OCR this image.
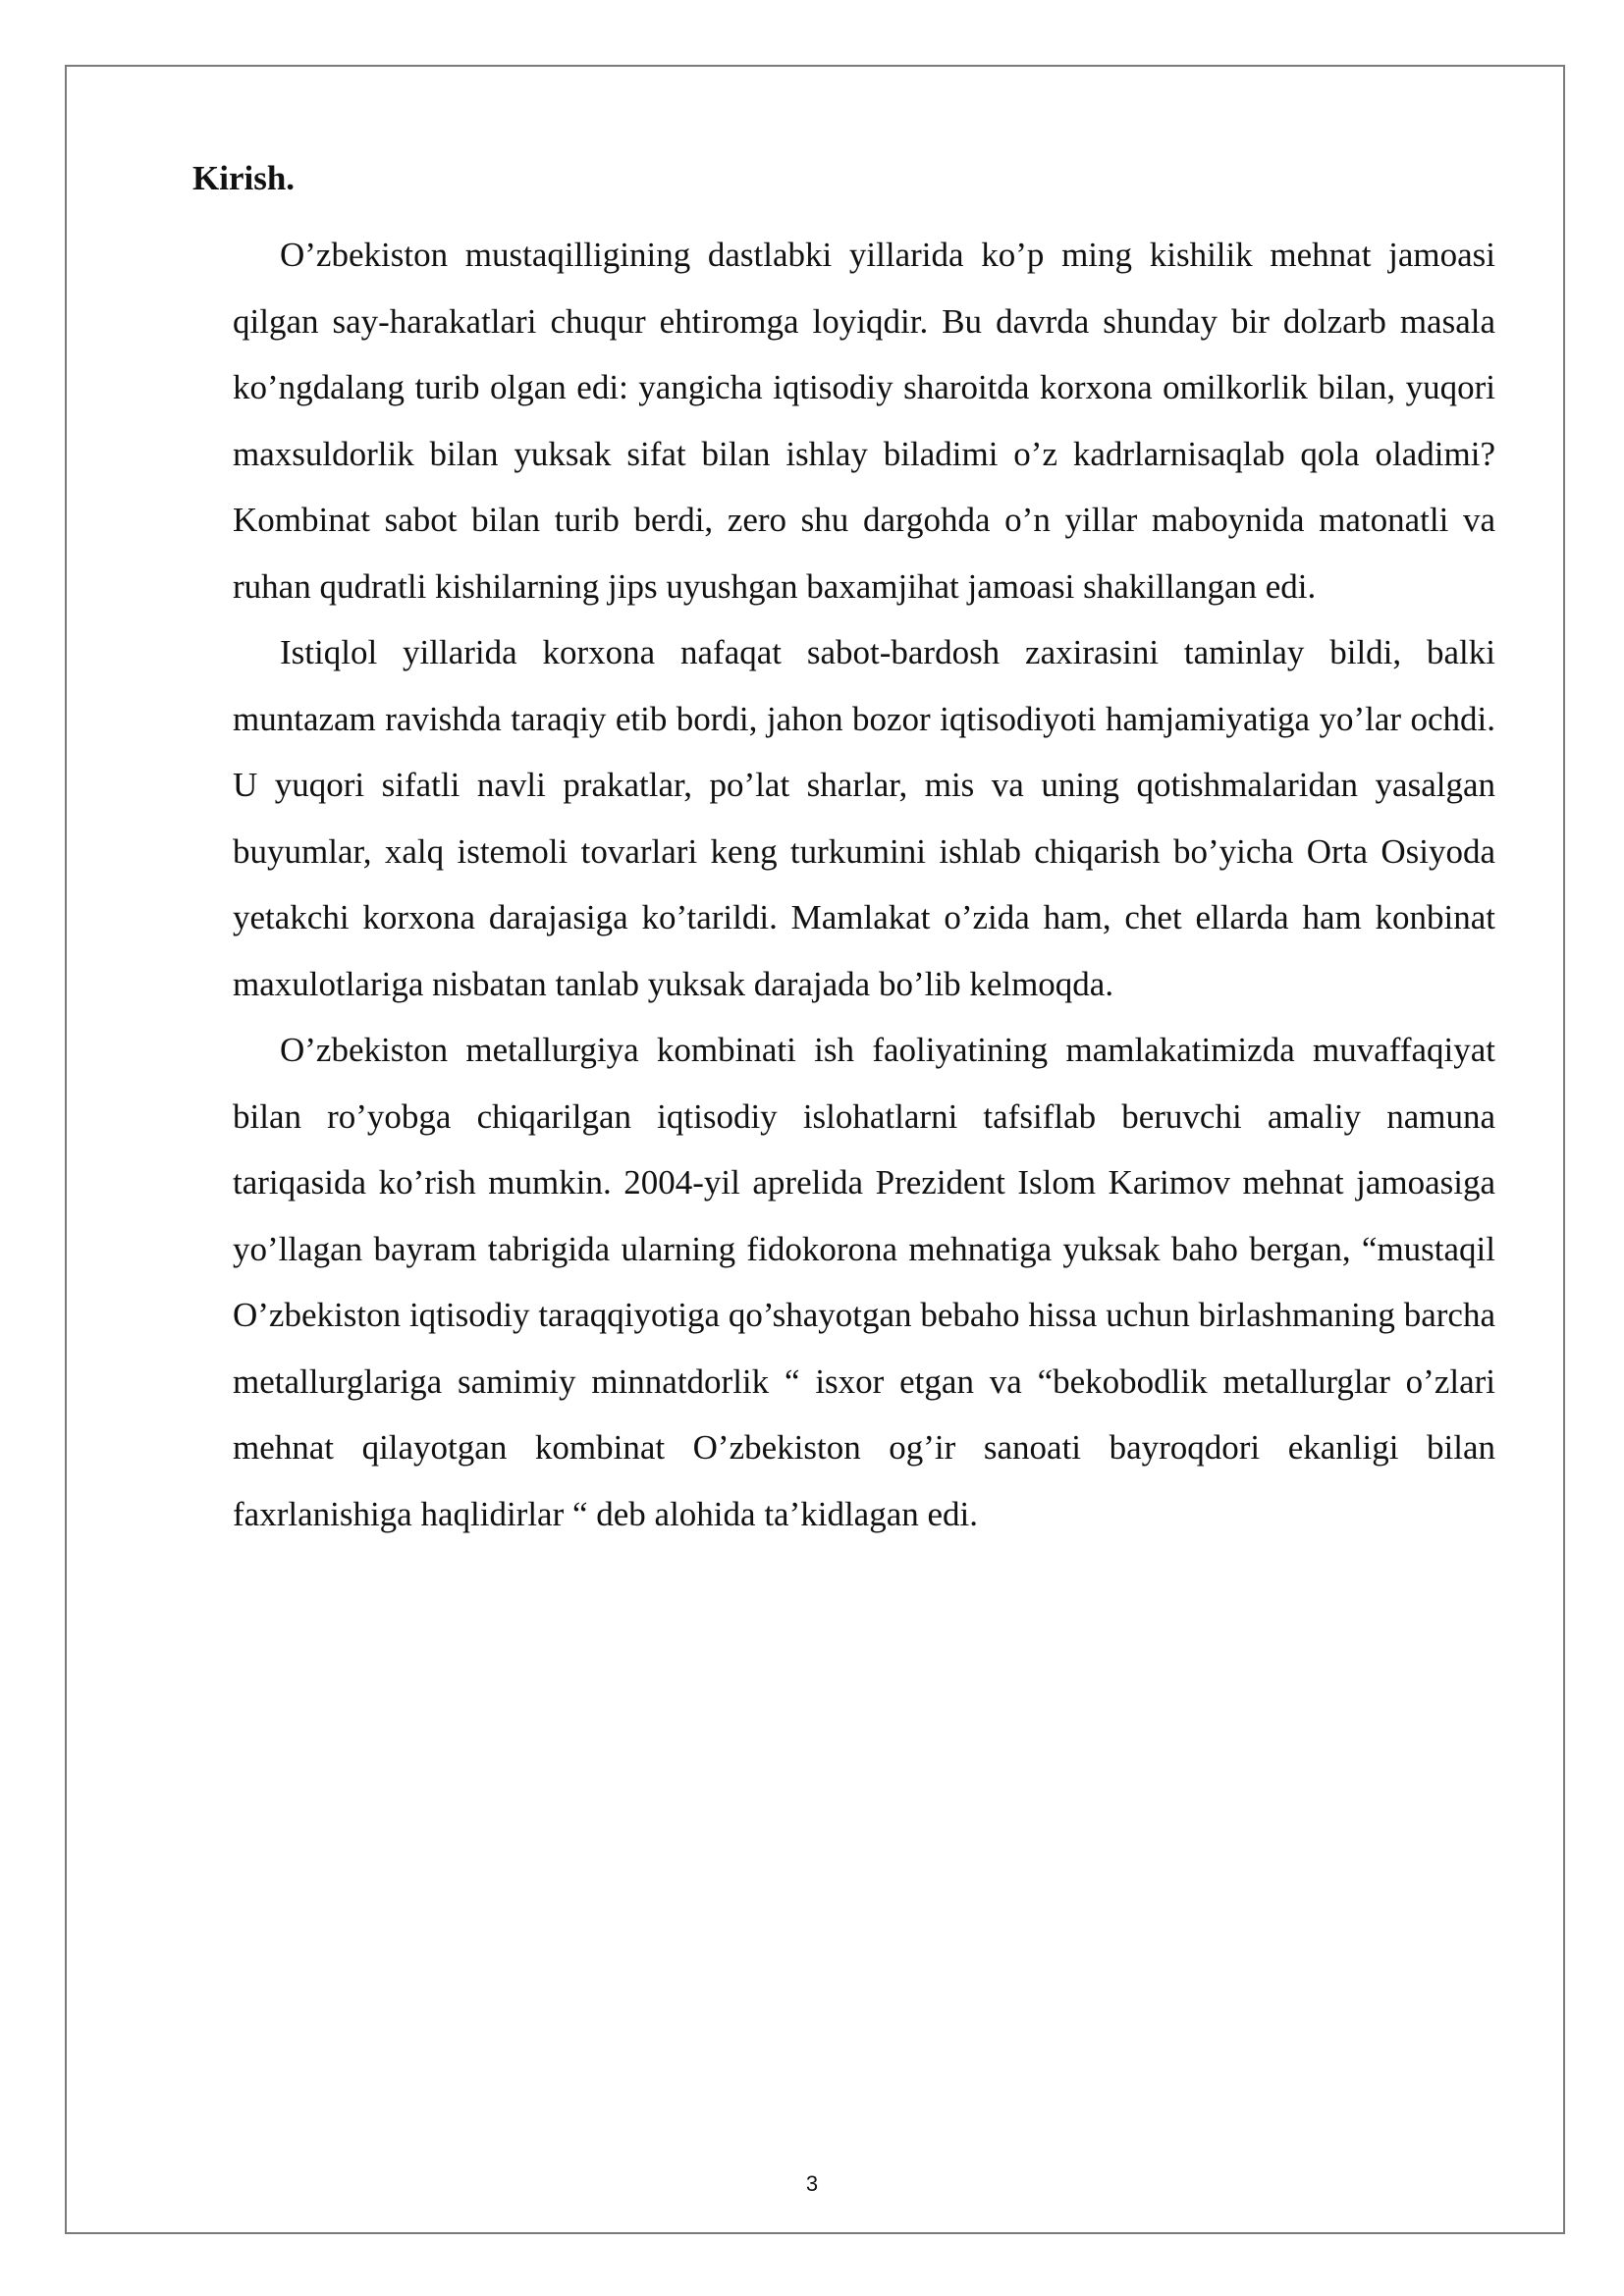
Kirish.

O’zbekiston mustaqilligining dastlabki yillarida ko’p ming kishilik mehnat jamoasi qilgan say-harakatlari chuqur ehtiromga loyiqdir. Bu davrda shunday bir dolzarb masala ko’ngdalang turib olgan edi: yangicha iqtisodiy sharoitda korxona omilkorlik bilan, yuqori maxsuldorlik bilan yuksak sifat bilan ishlay biladimi o’z kadrlarnisaqlab qola oladimi? Kombinat sabot bilan turib berdi, zero shu dargohda o’n yillar maboynida matonatli va ruhan qudratli kishilarning jips uyushgan baxamjihat jamoasi shakillangan edi.

Istiqlol yillarida korxona nafaqat sabot-bardosh zaxirasini taminlay bildi, balki muntazam ravishda taraqiy etib bordi, jahon bozor iqtisodiyoti hamjamiyatiga yo’lar ochdi. U yuqori sifatli navli prakatlar, po’lat sharlar, mis va uning qotishmalaridan yasalgan buyumlar, xalq istemoli tovarlari keng turkumini ishlab chiqarish bo’yicha Orta Osiyoda yetakchi korxona darajasiga ko’tarildi. Mamlakat o’zida ham, chet ellarda ham konbinat maxulotlariga nisbatan tanlab yuksak darajada bo’lib kelmoqda.

O’zbekiston metallurgiya kombinati ish faoliyatining mamlakatimizda muvaffaqiyat bilan ro’yobga chiqarilgan iqtisodiy islohatlarni tafsiflab beruvchi amaliy namuna tariqasida ko’rish mumkin. 2004-yil aprelida Prezident Islom Karimov mehnat jamoasiga yo’llagan bayram tabrigida ularning fidokorona mehnatiga yuksak baho bergan, “mustaqil O’zbekiston iqtisodiy taraqqiyotiga qo’shayotgan bebaho hissa uchun birlashmaning barcha metallurglariga samimiy minnatdorlik “ isxor etgan va “bekobodlik metallurglar o’zlari mehnat qilayotgan kombinat O’zbekiston og’ir sanoati bayroqdori ekanligi bilan faxrlanishiga haqlidirlar “ deb alohida ta’kidlagan edi.

3
